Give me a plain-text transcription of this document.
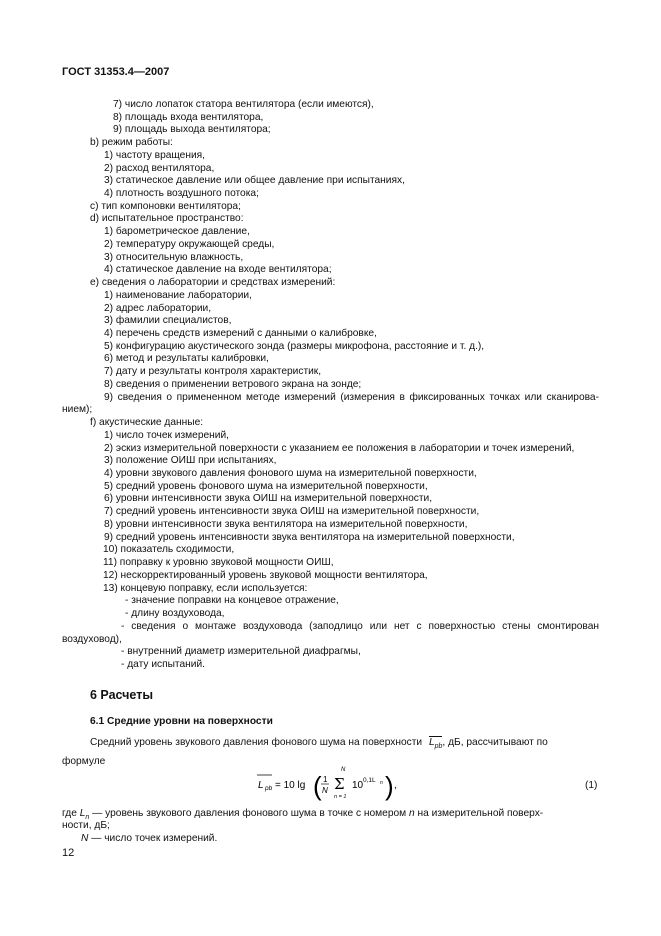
ГОСТ 31353.4—2007
7) число лопаток статора вентилятора (если имеются),
8) площадь входа вентилятора,
9) площадь выхода вентилятора;
b) режим работы:
1) частоту вращения,
2) расход вентилятора,
3) статическое давление или общее давление при испытаниях,
4) плотность воздушного потока;
c) тип компоновки вентилятора;
d) испытательное пространство:
1) барометрическое давление,
2) температуру окружающей среды,
3) относительную влажность,
4) статическое давление на входе вентилятора;
e) сведения о лаборатории и средствах измерений:
1) наименование лаборатории,
2) адрес лаборатории,
3) фамилии специалистов,
4) перечень средств измерений с данными о калибровке,
5) конфигурацию акустического зонда (размеры микрофона, расстояние и т. д.),
6) метод и результаты калибровки,
7) дату и результаты контроля характеристик,
8) сведения о применении ветрового экрана на зонде;
9) сведения о примененном методе измерений (измерения в фиксированных точках или сканирова-
нием);
f) акустические данные:
1) число точек измерений,
2) эскиз измерительной поверхности с указанием ее положения в лаборатории и точек измерений,
3) положение ОИШ при испытаниях,
4) уровни звукового давления фонового шума на измерительной поверхности,
5) средний уровень фонового шума на измерительной поверхности,
6) уровни интенсивности звука ОИШ на измерительной поверхности,
7) средний уровень интенсивности звука ОИШ на измерительной поверхности,
8) уровни интенсивности звука вентилятора на измерительной поверхности,
9) средний уровень интенсивности звука вентилятора на измерительной поверхности,
10) показатель сходимости,
11) поправку к уровню звуковой мощности ОИШ,
12) нескорректированный уровень звуковой мощности вентилятора,
13) концевую поправку, если используется:
- значение поправки на концевое отражение,
- длину воздуховода,
- сведения о монтаже воздуховода (заподлицо или нет с поверхностью стены смонтирован
воздуховод),
- внутренний диаметр измерительной диафрагмы,
- дату испытаний.
6 Расчеты
6.1 Средние уровни на поверхности
Средний уровень звукового давления фонового шума на поверхности $L_{pb}$, дБ, рассчитывают по
формуле
L pb = 10 lg ( 1
N
N
Σ
n = 1
10 0,1L n ) ,	(1)
где $L_n$ — уровень звукового давления фонового шума в точке с номером n на измерительной поверх-
ности, дБ;
N — число точек измерений.
12
